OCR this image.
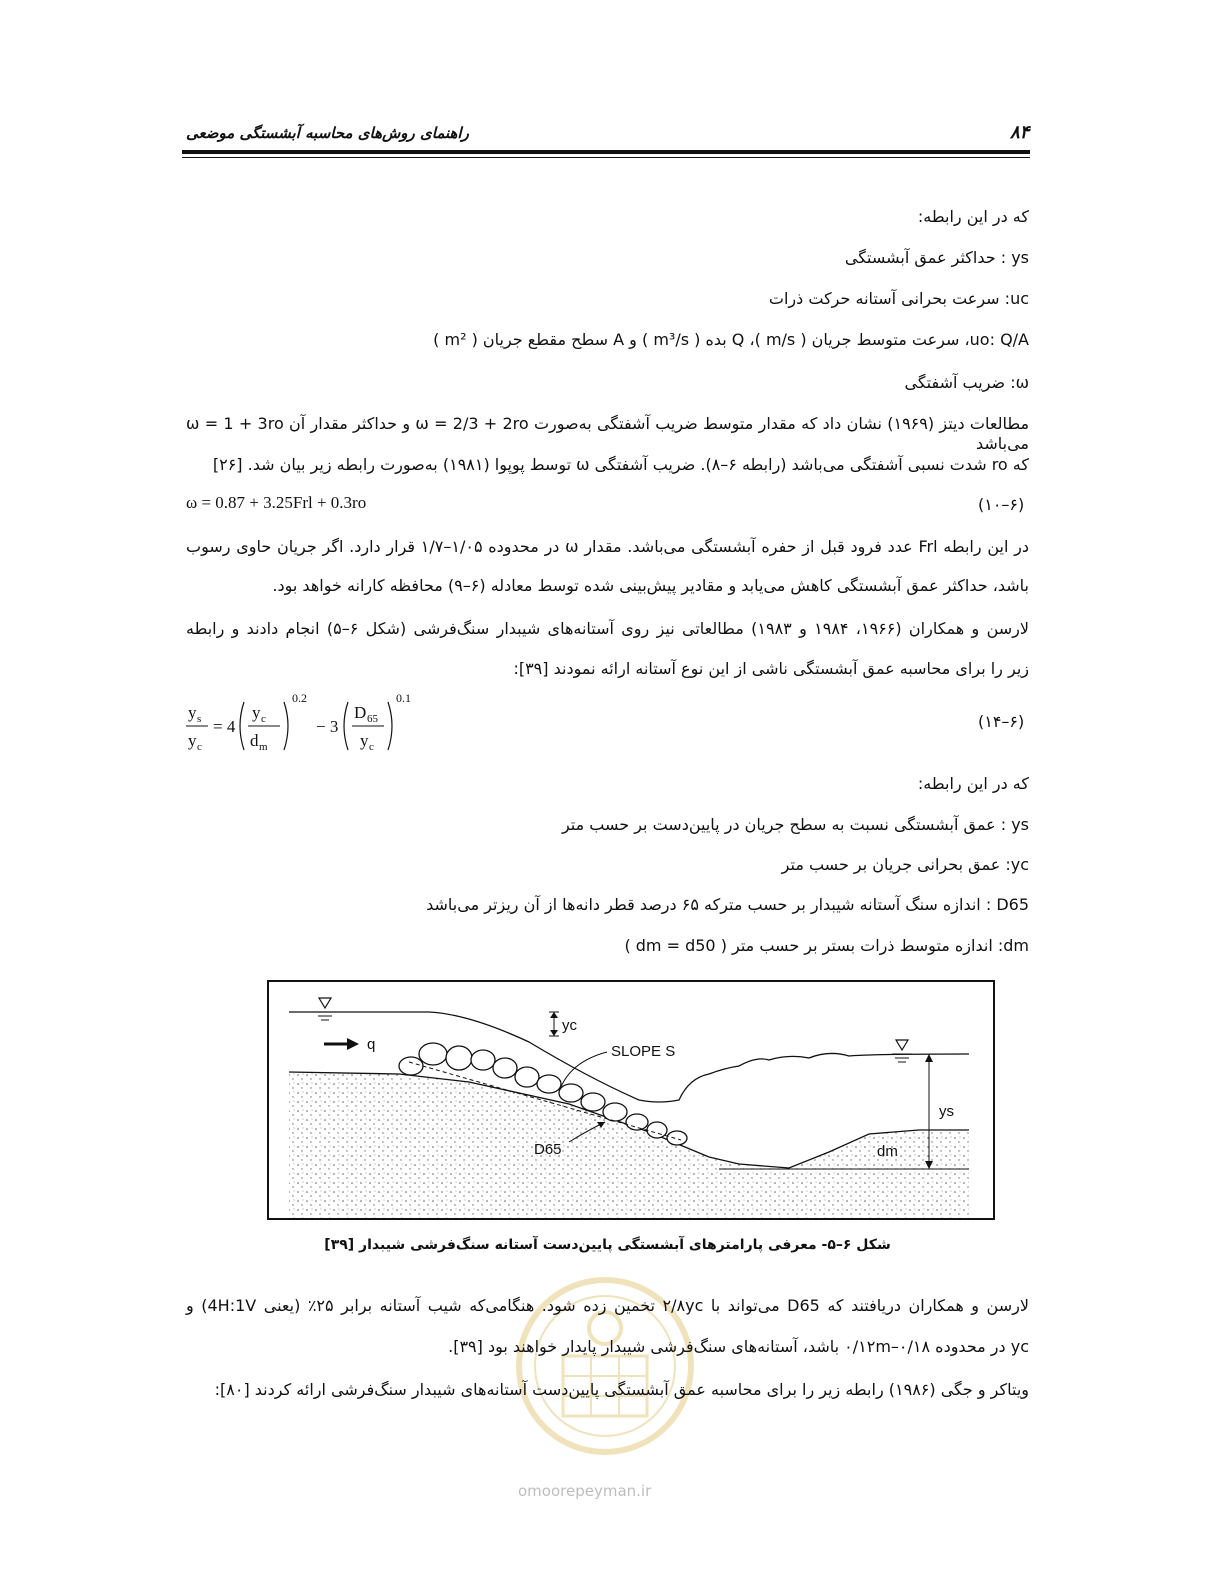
۸۴
راهنمای روش‌های محاسبه آبشستگی موضعی
که در این رابطه:
ys : حداکثر عمق آبشستگی
uc: سرعت بحرانی آستانه حرکت ذرات
uo: Q/A، سرعت متوسط جریان ( m/s )، Q بده ( m³/s ) و A سطح مقطع جریان ( m² )
ω: ضریب آشفتگی
مطالعات دیتز (۱۹۶۹) نشان داد که مقدار متوسط ضریب آشفتگی به‌صورت ω = 2/3 + 2ro و حداکثر مقدار آن ω = 1 + 3ro می‌باشد
که ro شدت نسبی آشفتگی می‌باشد (رابطه ۶–۸). ضریب آشفتگی ω توسط پوپوا (۱۹۸۱) به‌صورت رابطه زیر بیان شد. [۲۶]
ω = 0.87 + 3.25Frl + 0.3ro	(۱۰–۶)
در این رابطه Frl عدد فرود قبل از حفره آبشستگی می‌باشد. مقدار ω در محدوده ۱/۰۵–۱/۷ قرار دارد. اگر جریان حاوی رسوب
باشد، حداکثر عمق آبشستگی کاهش می‌یابد و مقادیر پیش‌بینی شده توسط معادله (۶–۹) محافظه کارانه خواهد بود.
لارسن و همکاران (۱۹۶۶، ۱۹۸۴ و ۱۹۸۳) مطالعاتی نیز روی آستانه‌های شیبدار سنگ‌فرشی (شکل ۶–۵) انجام دادند و رابطه
زیر را برای محاسبه عمق آبشستگی ناشی از این نوع آستانه ارائه نمودند [۳۹]:
y s
y c
= 4
y c
d m
0.2
− 3
D 65
y c
0.1
(۱۴–۶)
که در این رابطه:
ys : عمق آبشستگی نسبت به سطح جریان در پایین‌دست بر حسب متر
yc: عمق بحرانی جریان بر حسب متر
D65 : اندازه سنگ آستانه شیبدار بر حسب مترکه ۶۵ درصد قطر دانه‌ها از آن ریزتر می‌باشد
dm: اندازه متوسط ذرات بستر بر حسب متر ( dm = d50 )
q
yc
SLOPE S
D65
ys
dm
شکل ۶–۵- معرفی پارامترهای آبشستگی پایین‌دست آستانه سنگ‌فرشی شیبدار [۳۹]
omoorepeyman.ir
لارسن و همکاران دریافتند که D65 می‌تواند با ۲/۸yc تخمین زده شود. هنگامی‌که شیب آستانه برابر ۲۵٪ (یعنی 4H:1V) و
yc در محدوده ۰/۱۸–۰/۱۲m باشد، آستانه‌های سنگ‌فرشی شیبدار پایدار خواهند بود [۳۹].
ویتاکر و جگی (۱۹۸۶) رابطه زیر را برای محاسبه عمق آبشستگی پایین‌دست آستانه‌های شیبدار سنگ‌فرشی ارائه کردند [۸۰]:
